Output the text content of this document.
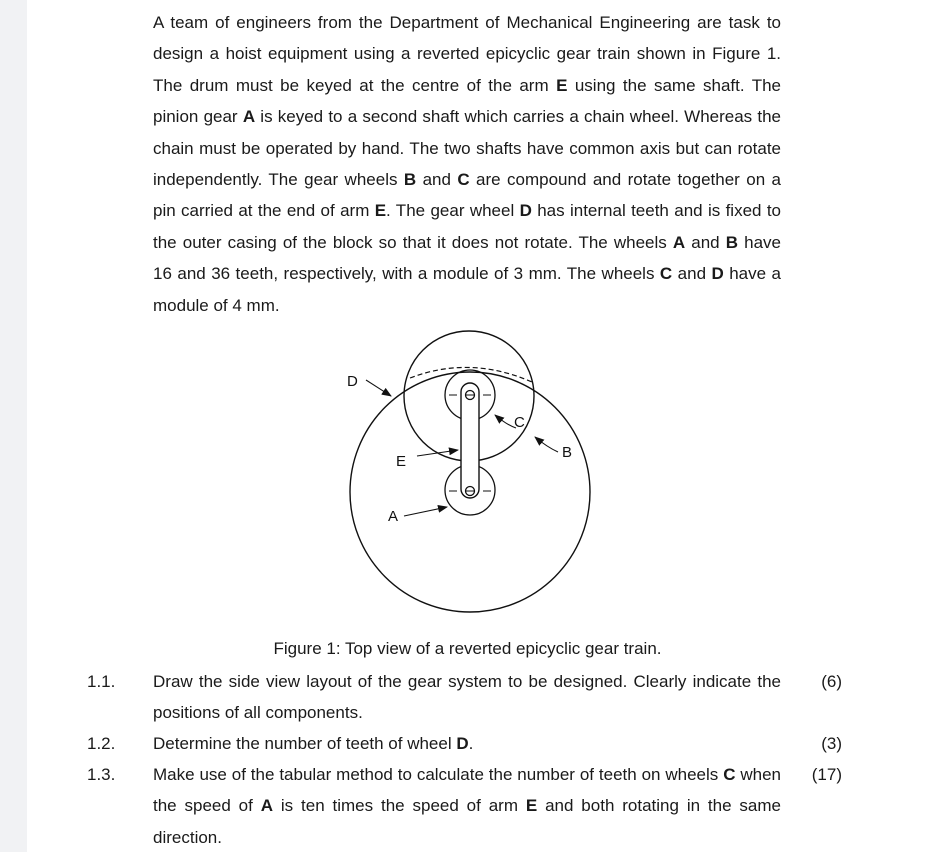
A team of engineers from the Department of Mechanical Engineering are task to design a hoist equipment using a reverted epicyclic gear train shown in Figure 1. The drum must be keyed at the centre of the arm E using the same shaft. The pinion gear A is keyed to a second shaft which carries a chain wheel. Whereas the chain must be operated by hand. The two shafts have common axis but can rotate independently. The gear wheels B and C are compound and rotate together on a pin carried at the end of arm E. The gear wheel D has internal teeth and is fixed to the outer casing of the block so that it does not rotate. The wheels A and B have 16 and 36 teeth, respectively, with a module of 3 mm. The wheels C and D have a module of 4 mm.
D
C
B
E
A
Figure 1: Top view of a reverted epicyclic gear train.
1.1. Draw the side view layout of the gear system to be designed. Clearly indicate the positions of all components.
(6)
1.2. Determine the number of teeth of wheel D.	(3)
1.3. Make use of the tabular method to calculate the number of teeth on wheels C when the speed of A is ten times the speed of arm E and both rotating in the same direction.
(17)
